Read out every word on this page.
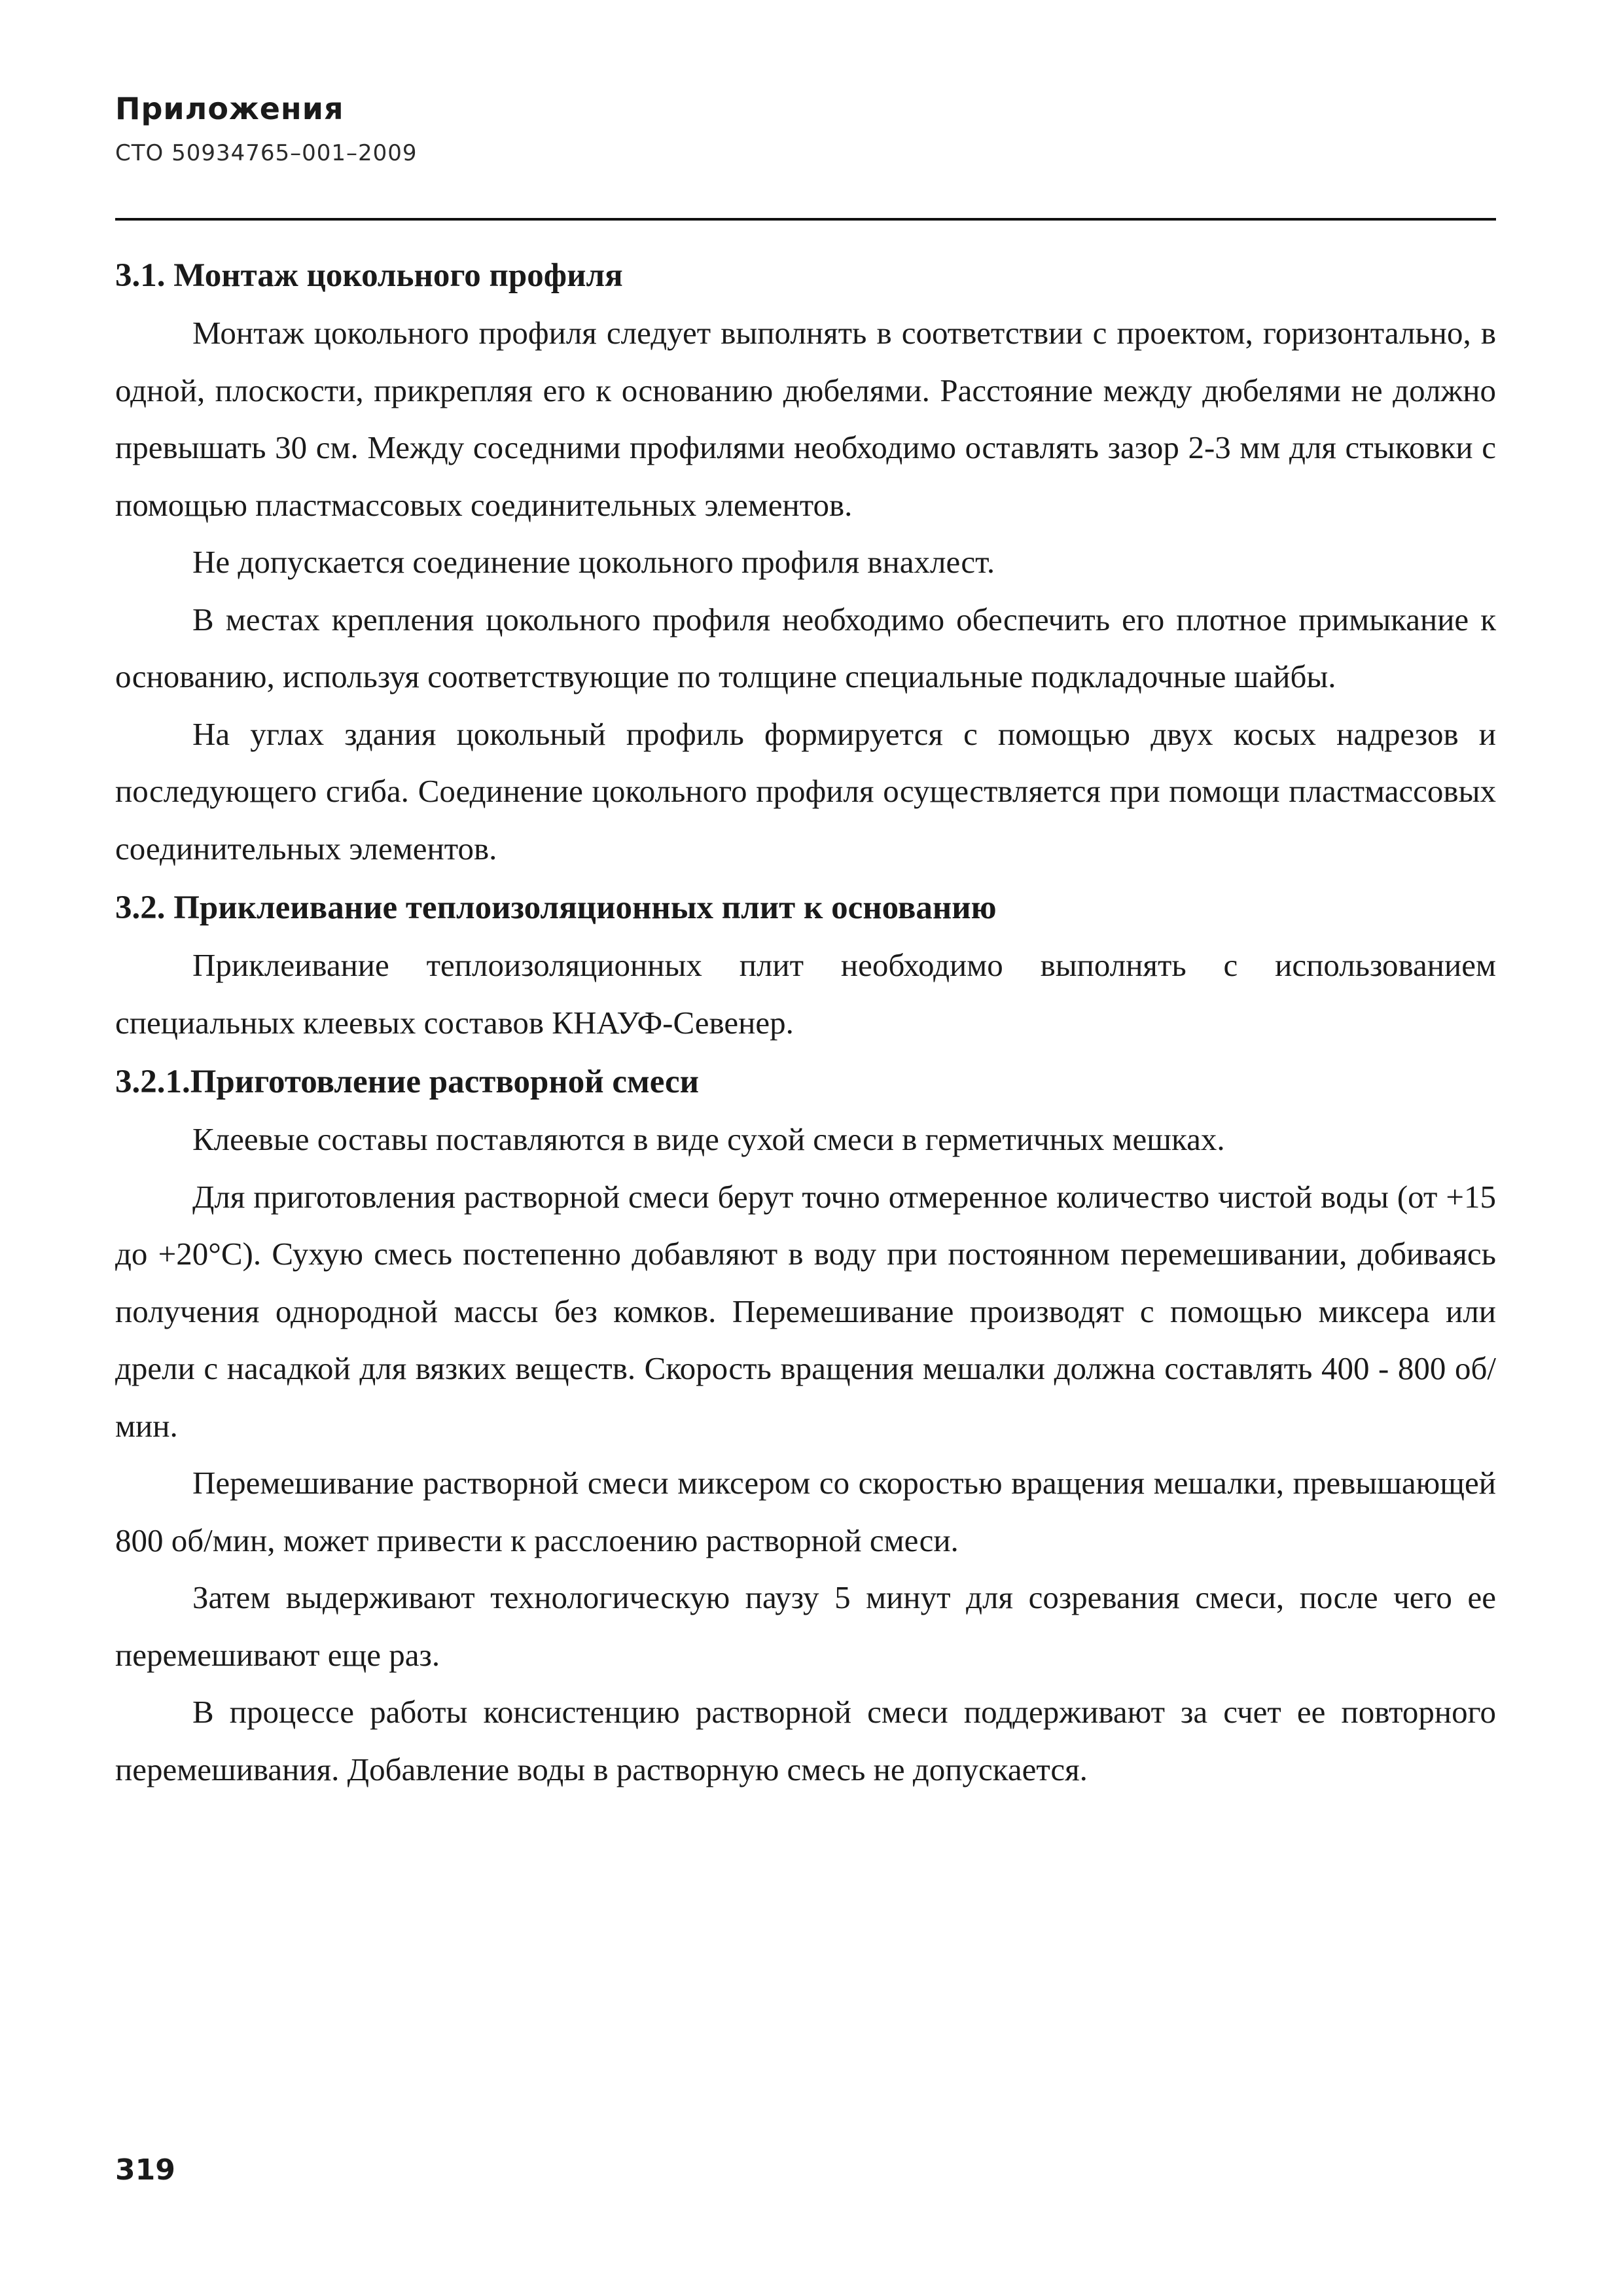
Приложения
СТО 50934765–001–2009
3.1. Монтаж цокольного профиля

Монтаж цокольного профиля следует выполнять в соответствии с проектом, горизонтально, в одной, плоскости, прикрепляя его к основанию дюбелями. Расстояние между дюбелями не должно превышать 30 см. Между соседними профилями необходимо оставлять зазор 2-3 мм для стыковки с помощью пластмассовых соединительных элементов.

Не допускается соединение цокольного профиля внахлест.

В местах крепления цокольного профиля необходимо обеспечить его плотное примыкание к основанию, используя соответствующие по толщине специальные подкладочные шайбы.

На углах здания цокольный профиль формируется с помощью двух косых надрезов и последующего сгиба. Соединение цокольного профиля осуществляется при помощи пластмассовых соединительных элементов.

3.2. Приклеивание теплоизоляционных плит к основанию

Приклеивание теплоизоляционных плит необходимо выполнять с использованием специальных клеевых составов КНАУФ-Севенер.

3.2.1.Приготовление растворной смеси

Клеевые составы поставляются в виде сухой смеси в герметичных мешках.

Для приготовления растворной смеси берут точно отмеренное количество чистой воды (от +15 до +20°С). Сухую смесь постепенно добавляют в воду при постоянном перемешивании, добиваясь получения однородной массы без комков. Перемешивание производят с помощью миксера или дрели с насадкой для вязких веществ. Скорость вращения мешалки должна составлять 400 - 800 об/мин.

Перемешивание растворной смеси миксером со скоростью вращения мешалки, превышающей 800 об/мин, может привести к расслоению растворной смеси.

Затем выдерживают технологическую паузу 5 минут для созревания смеси, после чего ее перемешивают еще раз.

В процессе работы консистенцию растворной смеси поддерживают за счет ее повторного перемешивания. Добавление воды в растворную смесь не допускается.

319
